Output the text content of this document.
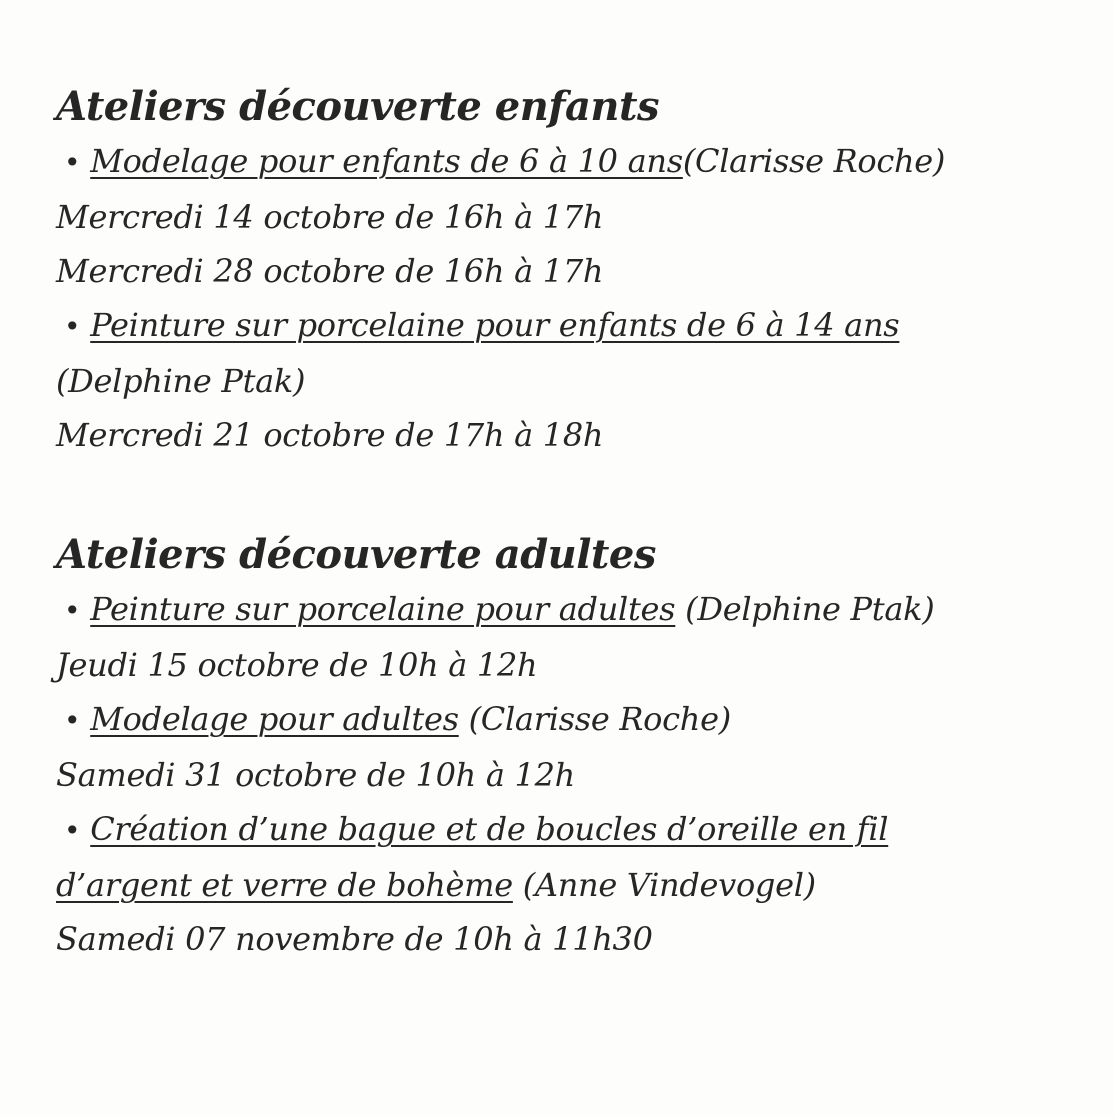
Ateliers découverte enfants
• Modelage pour enfants de 6 à 10 ans(Clarisse Roche)
Mercredi 14 octobre de 16h à 17h
Mercredi 28 octobre de 16h à 17h
• Peinture sur porcelaine pour enfants de 6 à 14 ans
(Delphine Ptak)
Mercredi 21 octobre de 17h à 18h
Ateliers découverte adultes
• Peinture sur porcelaine pour adultes (Delphine Ptak)
Jeudi 15 octobre de 10h à 12h
• Modelage pour adultes (Clarisse Roche)
Samedi 31 octobre de 10h à 12h
• Création d’une bague et de boucles d’oreille en fil
d’argent et verre de bohème (Anne Vindevogel)
Samedi 07 novembre de 10h à 11h30
